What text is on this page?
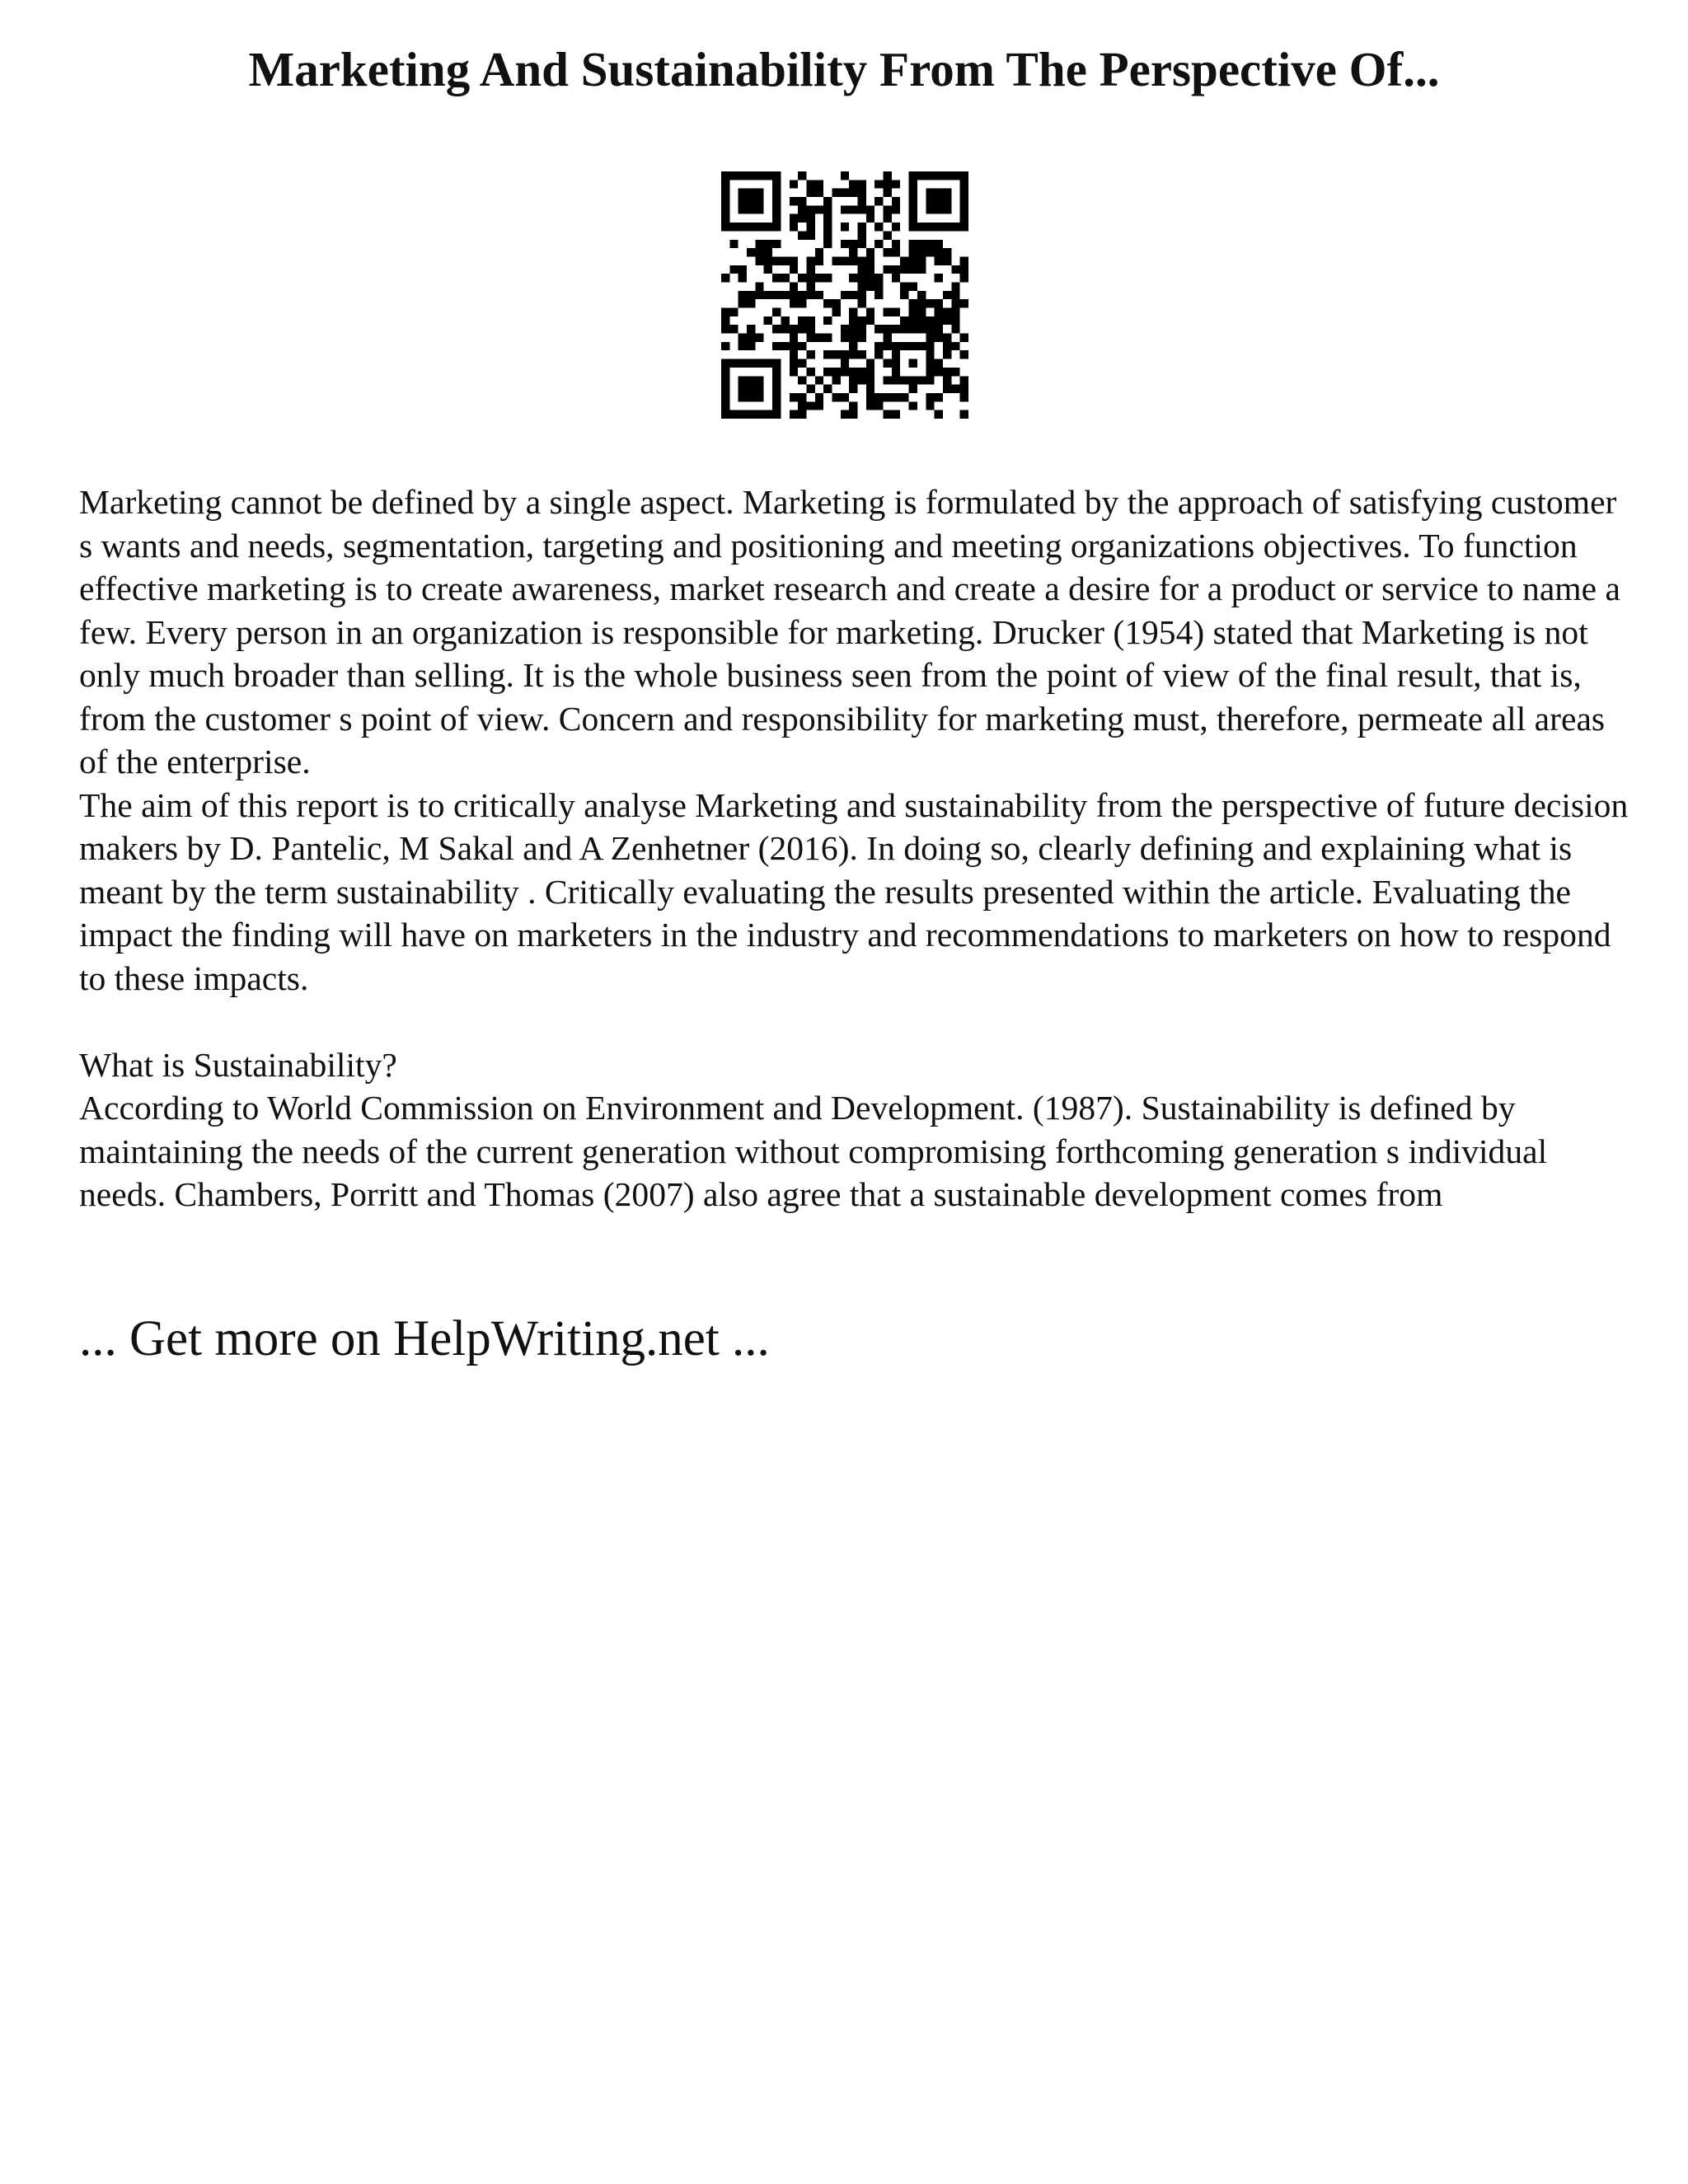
Marketing And Sustainability From The Perspective Of...

Marketing cannot be defined by a single aspect. Marketing is formulated by the approach of satisfying customer s wants and needs, segmentation, targeting and positioning and meeting organizations objectives. To function effective marketing is to create awareness, market research and create a desire for a product or service to name a few. Every person in an organization is responsible for marketing. Drucker (1954) stated that Marketing is not only much broader than selling. It is the whole business seen from the point of view of the final result, that is, from the customer s point of view. Concern and responsibility for marketing must, therefore, permeate all areas of the enterprise.

The aim of this report is to critically analyse Marketing and sustainability from the perspective of future decision makers by D. Pantelic, M Sakal and A Zenhetner (2016). In doing so, clearly defining and explaining what is meant by the term sustainability . Critically evaluating the results presented within the article. Evaluating the impact the finding will have on marketers in the industry and recommendations to marketers on how to respond to these impacts.

What is Sustainability?

According to World Commission on Environment and Development. (1987). Sustainability is defined by maintaining the needs of the current generation without compromising forthcoming generation s individual needs. Chambers, Porritt and Thomas (2007) also agree that a sustainable development comes from

... Get more on HelpWriting.net ...
